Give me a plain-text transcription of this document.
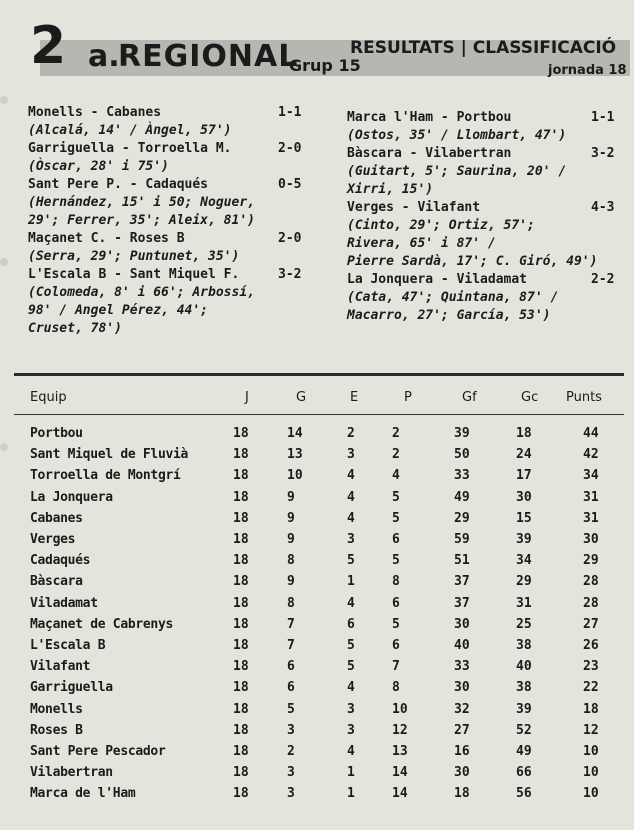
2 a.
REGIONAL
Grup 15
RESULTATS | CLASSIFICACIÓ
jornada 18
Monells - Cabanes	1-1
(Alcalá, 14' / Àngel, 57')
Garriguella - Torroella M.	2-0
(Òscar, 28' i 75')
Sant Pere P. - Cadaqués	0-5
(Hernández, 15' i 50; Noguer,
29'; Ferrer, 35'; Aleix, 81')
Maçanet C. - Roses B	2-0
(Serra, 29'; Puntunet, 35')
L'Escala B - Sant Miquel F.	3-2
(Colomeda, 8' i 66'; Arbossí,
98' / Angel Pérez, 44';
Cruset, 78')
Marca l'Ham - Portbou	1-1
(Ostos, 35' / Llombart, 47')
Bàscara - Vilabertran	3-2
(Guitart, 5'; Saurina, 20' /
Xirri, 15')
Verges - Vilafant	4-3
(Cinto, 29'; Ortiz, 57';
Rivera, 65' i 87' /
Pierre Sardà, 17'; C. Giró, 49')
La Jonquera - Viladamat	2-2
(Cata, 47'; Quintana, 87' /
Macarro, 27'; García, 53')
Equip	J	G	E	P	Gf	Gc Punts
Portbou	18	14	2	2	39	18	44
Sant Miquel de Fluvià	18	13	3	2	50	24	42
Torroella de Montgrí	18	10	4	4	33	17	34
La Jonquera	18	9	4	5	49	30	31
Cabanes	18	9	4	5	29	15	31
Verges	18	9	3	6	59	39	30
Cadaqués	18	8	5	5	51	34	29
Bàscara	18	9	1	8	37	29	28
Viladamat	18	8	4	6	37	31	28
Maçanet de Cabrenys	18	7	6	5	30	25	27
L'Escala B	18	7	5	6	40	38	26
Vilafant	18	6	5	7	33	40	23
Garriguella	18	6	4	8	30	38	22
Monells	18	5	3	10	32	39	18
Roses B	18	3	3	12	27	52	12
Sant Pere Pescador	18	2	4	13	16	49	10
Vilabertran	18	3	1	14	30	66	10
Marca de l'Ham	18	3	1	14	18	56	10
